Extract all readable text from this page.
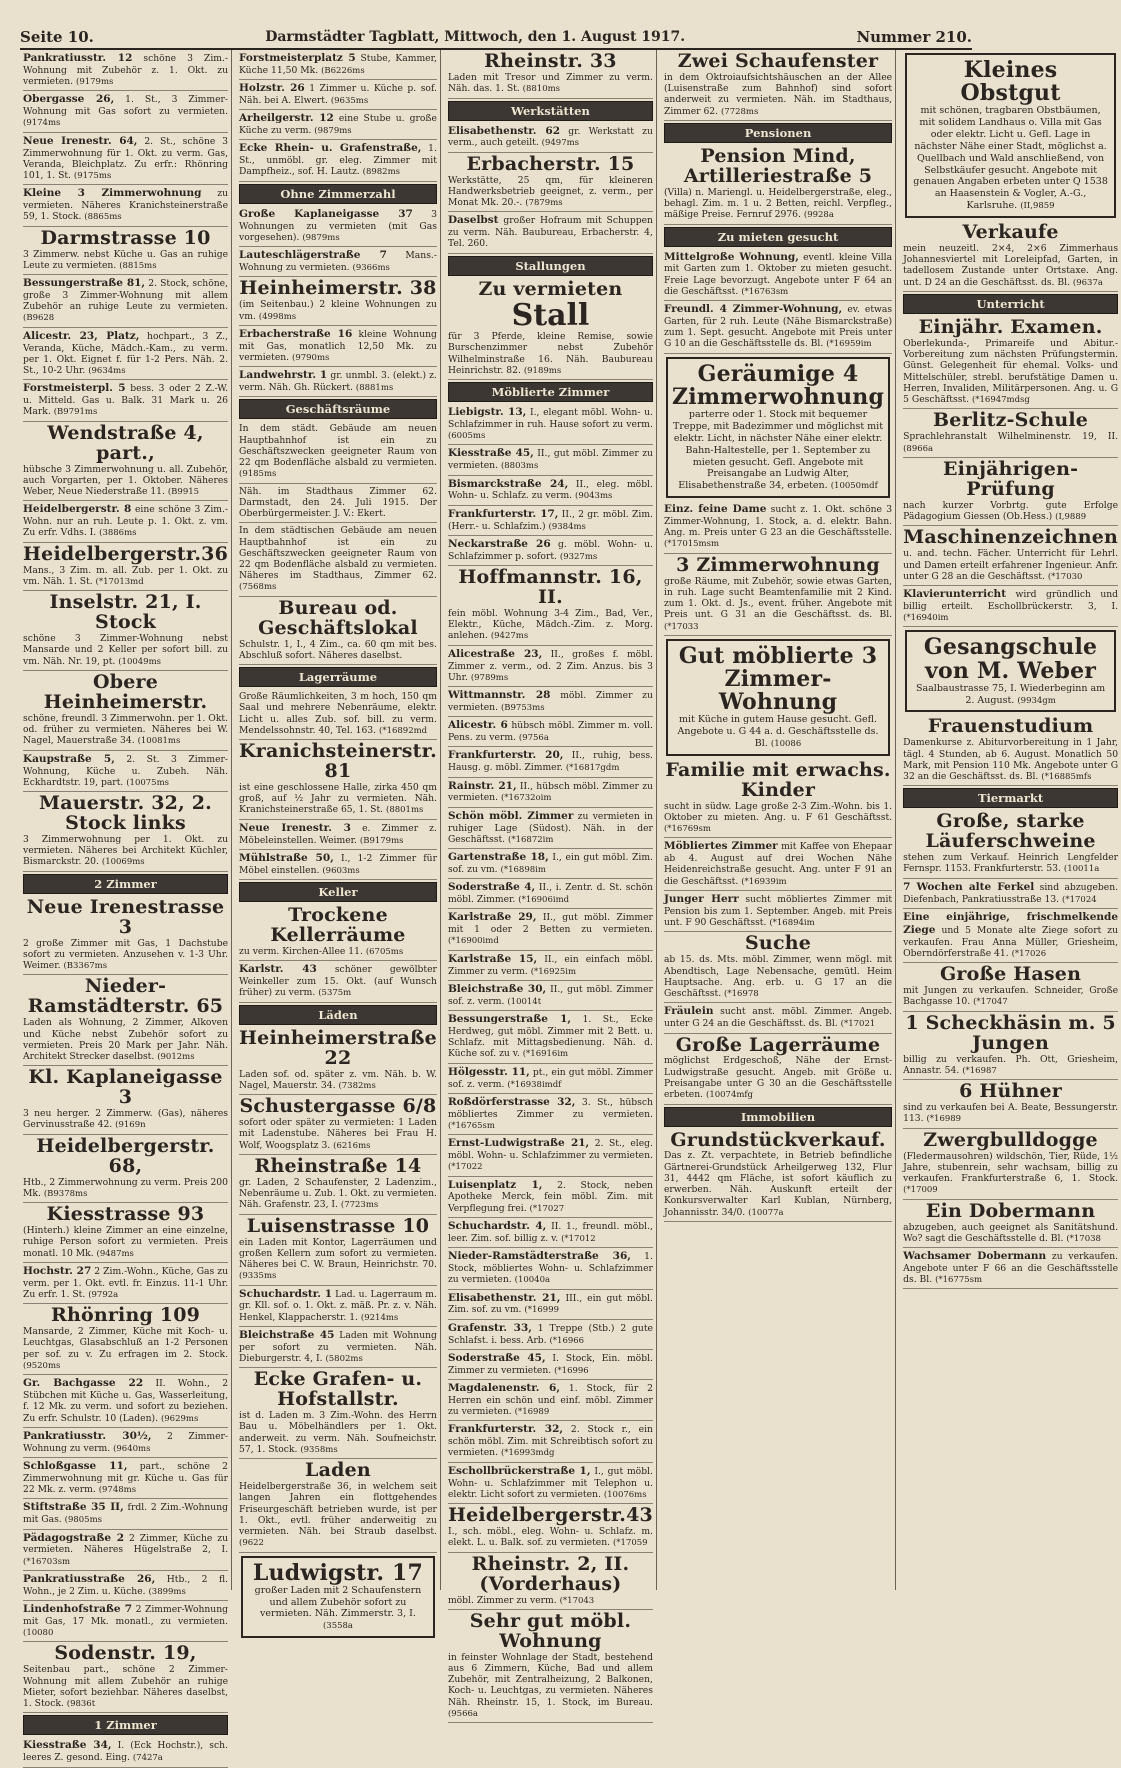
Seite 10.	Darmstädter Tagblatt, Mittwoch, den 1. August 1917.	Nummer 210.
Pankratiusstr. 12 schöne 3 Zim.-Wohnung mit Zubehör z. 1. Okt. zu vermieten. (9179ms
Obergasse 26, 1. St., 3 Zimmer-Wohnung mit Gas sofort zu vermieten. (9174ms
Neue Irenestr. 64, 2. St., schöne 3 Zimmerwohnung für 1. Okt. zu verm. Gas, Veranda, Bleichplatz. Zu erfr.: Rhönring 101, 1. St. (9175ms
Kleine 3 Zimmerwohnung zu vermieten. Näheres Kranichsteinerstraße 59, 1. Stock. (8865ms
Darmstrasse 10
3 Zimmerw. nebst Küche u. Gas an ruhige Leute zu vermieten. (8815ms
Bessungerstraße 81, 2. Stock, schöne, große 3 Zimmer-Wohnung mit allem Zubehör an ruhige Leute zu vermieten. (B9628
Alicestr. 23, Platz, hochpart., 3 Z., Veranda, Küche, Mädch.-Kam., zu verm. per 1. Okt. Eignet f. für 1-2 Pers. Näh. 2. St., 10-2 Uhr. (9634ms
Forstmeisterpl. 5 bess. 3 oder 2 Z.-W. u. Mitteld. Gas u. Balk. 31 Mark u. 26 Mark. (B9791ms
Wendstraße 4, part.,
hübsche 3 Zimmerwohnung u. all. Zubehör, auch Vorgarten, per 1. Oktober. Näheres Weber, Neue Niederstraße 11. (B9915
Heidelbergerstr. 8 eine schöne 3 Zim.-Wohn. nur an ruh. Leute p. 1. Okt. z. vm. Zu erfr. Vdhs. I. (3886ms
Heidelbergerstr.36
Mans., 3 Zim. m. all. Zub. per 1. Okt. zu vm. Näh. 1. St. (*17013md
Inselstr. 21, I. Stock
schöne 3 Zimmer-Wohnung nebst Mansarde und 2 Keller per sofort bill. zu vm. Näh. Nr. 19, pt. (10049ms
Obere Heinheimerstr.
schöne, freundl. 3 Zimmerwohn. per 1. Okt. od. früher zu vermieten. Näheres bei W. Nagel, Mauerstraße 34. (10081ms
Kaupstraße 5, 2. St. 3 Zimmer-Wohnung, Küche u. Zubeh. Näh. Eckhardtstr. 19, part. (10075ms
Mauerstr. 32, 2. Stock links
3 Zimmerwohnung per 1. Okt. zu vermieten. Näheres bei Architekt Küchler, Bismarckstr. 20. (10069ms
2 Zimmer
Neue Irenestrasse 3
2 große Zimmer mit Gas, 1 Dachstube sofort zu vermieten. Anzusehen v. 1-3 Uhr. Weimer. (B3367ms
Nieder-Ramstädterstr. 65
Laden als Wohnung, 2 Zimmer, Alkoven und Küche nebst Zubehör sofort zu vermieten. Preis 20 Mark per Jahr. Näh. Architekt Strecker daselbst. (9012ms
Kl. Kaplaneigasse 3
3 neu herger. 2 Zimmerw. (Gas), näheres Gervinusstraße 42. (9169n
Heidelbergerstr. 68,
Htb., 2 Zimmerwohnung zu verm. Preis 200 Mk. (B9378ms
Kiesstrasse 93
(Hinterh.) kleine Zimmer an eine einzelne, ruhige Person sofort zu vermieten. Preis monatl. 10 Mk. (9487ms
Hochstr. 27 2 Zim.-Wohn., Küche, Gas zu verm. per 1. Okt. evtl. fr. Einzus. 11-1 Uhr. Zu erfr. 1. St. (9792a
Rhönring 109
Mansarde, 2 Zimmer, Küche mit Koch- u. Leuchtgas, Glasabschluß an 1-2 Personen per sof. zu v. Zu erfragen im 2. Stock. (9520ms
Gr. Bachgasse 22 II. Wohn., 2 Stübchen mit Küche u. Gas, Wasserleitung, f. 12 Mk. zu verm. und sofort zu beziehen. Zu erfr. Schulstr. 10 (Laden). (9629ms
Pankratiusstr. 30½, 2 Zimmer-Wohnung zu verm. (9640ms
Schloßgasse 11, part., schöne 2 Zimmerwohnung mit gr. Küche u. Gas für 22 Mk. z. verm. (9748ms
Stiftstraße 35 II, frdl. 2 Zim.-Wohnung mit Gas. (9805ms
Pädagogstraße 2 2 Zimmer, Küche zu vermieten. Näheres Hügelstraße 2, I. (*16703sm
Pankratiusstraße 26, Htb., 2 fl. Wohn., je 2 Zim. u. Küche. (3899ms
Lindenhofstraße 7 2 Zimmer-Wohnung mit Gas, 17 Mk. monatl., zu vermieten. (10080
Sodenstr. 19,
Seitenbau part., schöne 2 Zimmer-Wohnung mit allem Zubehör an ruhige Mieter, sofort beziehbar. Näheres daselbst, 1. Stock. (9836t
1 Zimmer
Kiesstraße 34, I. (Eck Hochstr.), sch. leeres Z. gesond. Eing. (7427a
Forstmeisterplatz 5 Stube, Kammer, Küche 11,50 Mk. (B6226ms
Holzstr. 26 1 Zimmer u. Küche p. sof. Näh. bei A. Elwert. (9635ms
Arheilgerstr. 12 eine Stube u. große Küche zu verm. (9879ms
Ecke Rhein- u. Grafenstraße, 1. St., unmöbl. gr. eleg. Zimmer mit Dampfheiz., sof. H. Lautz. (8982ms
Ohne Zimmerzahl
Große Kaplaneigasse 37 3 Wohnungen zu vermieten (mit Gas vorgesehen). (9879ms
Lauteschlägerstraße 7 Mans.-Wohnung zu vermieten. (9366ms
Heinheimerstr. 38
(im Seitenbau.) 2 kleine Wohnungen zu vm. (4998ms
Erbacherstraße 16 kleine Wohnung mit Gas, monatlich 12,50 Mk. zu vermieten. (9790ms
Landwehrstr. 1 gr. unmbl. 3. (elekt.) z. verm. Näh. Gh. Rückert. (8881ms
Geschäftsräume
In dem städt. Gebäude am neuen Hauptbahnhof ist ein zu Geschäftszwecken geeigneter Raum von 22 qm Bodenfläche alsbald zu vermieten. (9185ms
Näh. im Stadthaus Zimmer 62. Darmstadt, den 24. Juli 1915. Der Oberbürgermeister. J. V.: Ekert.
In dem städtischen Gebäude am neuen Hauptbahnhof ist ein zu Geschäftszwecken geeigneter Raum von 22 qm Bodenfläche alsbald zu vermieten. Näheres im Stadthaus, Zimmer 62. (7568ms
Bureau od. Geschäftslokal
Schulstr. 1, I., 4 Zim., ca. 60 qm mit bes. Abschluß sofort. Näheres daselbst.
Lagerräume
Große Räumlichkeiten, 3 m hoch, 150 qm Saal und mehrere Nebenräume, elektr. Licht u. alles Zub. sof. bill. zu verm. Mendelssohnstr. 40, Tel. 163. (*16892md
Kranichsteinerstr. 81
ist eine geschlossene Halle, zirka 450 qm groß, auf ½ Jahr zu vermieten. Näh. Kranichsteinerstraße 65, 1. St. (8801ms
Neue Irenestr. 3 e. Zimmer z. Möbeleinstellen. Weimer. (B9179ms
Mühlstraße 50, I., 1-2 Zimmer für Möbel einstellen. (9603ms
Keller
Trockene Kellerräume
zu verm. Kirchen-Allee 11. (6705ms
Karlstr. 43 schöner gewölbter Weinkeller zum 15. Okt. (auf Wunsch früher) zu verm. (5375m
Läden
Heinheimerstraße 22
Laden sof. od. später z. vm. Näh. b. W. Nagel, Mauerstr. 34. (7382ms
Schustergasse 6/8
sofort oder später zu vermieten: 1 Laden mit Ladenstube. Näheres bei Frau H. Wolf, Woogsplatz 3. (6216ms
Rheinstraße 14
gr. Laden, 2 Schaufenster, 2 Ladenzim., Nebenräume u. Zub. 1. Okt. zu vermieten. Näh. Grafenstr. 23, I. (7723ms
Luisenstrasse 10
ein Laden mit Kontor, Lagerräumen und großen Kellern zum sofort zu vermieten. Näheres bei C. W. Braun, Heinrichstr. 70. (9335ms
Schuchardstr. 1 Lad. u. Lagerraum m. gr. Kll. sof. o. 1. Okt. z. mäß. Pr. z. v. Näh. Henkel, Klappacherstr. 1. (9214ms
Bleichstraße 45 Laden mit Wohnung per sofort zu vermieten. Näh. Dieburgerstr. 4, I. (5802ms
Ecke Grafen- u. Hofstallstr.
ist d. Laden m. 3 Zim.-Wohn. des Herrn Bau u. Möbelhändlers per 1. Okt. anderweit. zu verm. Näh. Soufneichstr. 57, 1. Stock. (9358ms
Laden
Heidelbergerstraße 36, in welchem seit langen Jahren ein flottgehendes Friseurgeschäft betrieben wurde, ist per 1. Okt., evtl. früher anderweitig zu vermieten. Näh. bei Straub daselbst. (9622
Ludwigstr. 17
großer Laden mit 2 Schaufenstern und allem Zubehör sofort zu vermieten. Näh. Zimmerstr. 3, I. (3558a
Rheinstr. 33
Laden mit Tresor und Zimmer zu verm. Näh. das. 1. St. (8810ms
Werkstätten
Elisabethenstr. 62 gr. Werkstatt zu verm., auch geteilt. (9497ms
Erbacherstr. 15
Werkstätte, 25 qm, für kleineren Handwerksbetrieb geeignet, z. verm., per Monat Mk. 20.-. (7879ms
Daselbst großer Hofraum mit Schuppen zu verm. Näh. Baubureau, Erbacherstr. 4, Tel. 260.
Stallungen
Zu vermieten
Stall
für 3 Pferde, kleine Remise, sowie Burschenzimmer nebst Zubehör Wilhelminstraße 16. Näh. Baubureau Heinrichstr. 82. (9189ms
Möblierte Zimmer
Liebigstr. 13, I., elegant möbl. Wohn- u. Schlafzimmer in ruh. Hause sofort zu verm. (6005ms
Kiesstraße 45, II., gut möbl. Zimmer zu vermieten. (8803ms
Bismarckstraße 24, II., eleg. möbl. Wohn- u. Schlafz. zu verm. (9043ms
Frankfurterstr. 17, II., 2 gr. möbl. Zim. (Herr.- u. Schlafzim.) (9384ms
Neckarstraße 26 g. möbl. Wohn- u. Schlafzimmer p. sofort. (9327ms
Hoffmannstr. 16, II.
fein möbl. Wohnung 3-4 Zim., Bad, Ver., Elektr., Küche, Mädch.-Zim. z. Morg. anlehen. (9427ms
Alicestraße 23, II., großes f. möbl. Zimmer z. verm., od. 2 Zim. Anzus. bis 3 Uhr. (9789ms
Wittmannstr. 28 möbl. Zimmer zu vermieten. (B9753ms
Alicestr. 6 hübsch möbl. Zimmer m. voll. Pens. zu verm. (9756a
Frankfurterstr. 20, II., ruhig, bess. Hausg. g. möbl. Zimmer. (*16817gdm
Rainstr. 21, II., hübsch möbl. Zimmer zu vermieten. (*16732oim
Schön möbl. Zimmer zu vermieten in ruhiger Lage (Südost). Näh. in der Geschäftsst. (*16872im
Gartenstraße 18, I., ein gut möbl. Zim. sof. zu vm. (*16898im
Soderstraße 4, II., i. Zentr. d. St. schön möbl. Zimmer. (*16906imd
Karlstraße 29, II., gut möbl. Zimmer mit 1 oder 2 Betten zu vermieten. (*16900imd
Karlstraße 15, II., ein einfach möbl. Zimmer zu verm. (*16925im
Bleichstraße 30, II., gut möbl. Zimmer sof. z. verm. (10014t
Bessungerstraße 1, 1. St., Ecke Herdweg, gut möbl. Zimmer mit 2 Bett. u. Schlafz. mit Mittagsbedienung. Näh. d. Küche sof. zu v. (*16916im
Hölgesstr. 11, pt., ein gut möbl. Zimmer sof. z. verm. (*16938imdf
Roßdörferstrasse 32, 3. St., hübsch möbliertes Zimmer zu vermieten. (*16765sm
Ernst-Ludwigstraße 21, 2. St., eleg. möbl. Wohn- u. Schlafzimmer zu vermieten. (*17022
Luisenplatz 1, 2. Stock, neben Apotheke Merck, fein möbl. Zim. mit Verpflegung frei. (*17027
Schuchardstr. 4, II. 1., freundl. möbl., leer. Zim. sof. billig z. v. (*17012
Nieder-Ramstädterstraße 36, 1. Stock, möbliertes Wohn- u. Schlafzimmer zu vermieten. (10040a
Elisabethenstr. 21, III., ein gut möbl. Zim. sof. zu vm. (*16999
Grafenstr. 33, 1 Treppe (Stb.) 2 gute Schlafst. i. bess. Arb. (*16966
Soderstraße 45, I. Stock, Ein. möbl. Zimmer zu vermieten. (*16996
Magdalenenstr. 6, 1. Stock, für 2 Herren ein schön und einf. möbl. Zimmer zu vermieten. (*16989
Frankfurterstr. 32, 2. Stock r., ein schön möbl. Zim. mit Schreibtisch sofort zu vermieten. (*16993mdg
Eschollbrückerstraße 1, I., gut möbl. Wohn- u. Schlafzimmer mit Telephon u. elektr. Licht sofort zu vermieten. (10076ms
Heidelbergerstr.43
I., sch. möbl., eleg. Wohn- u. Schlafz. m. elekt. L. u. Balk. sof. zu vermieten. (*17059
Rheinstr. 2, II. (Vorderhaus)
möbl. Zimmer zu verm. (*17043
Sehr gut möbl. Wohnung
in feinster Wohnlage der Stadt, bestehend aus 6 Zimmern, Küche, Bad und allem Zubehör, mit Zentralheizung, 2 Balkonen, Koch- u. Leuchtgas, zu vermieten. Näheres Näh. Rheinstr. 15, 1. Stock, im Bureau. (9566a
Zwei Schaufenster
in dem Oktroiaufsichtshäuschen an der Allee (Luisenstraße zum Bahnhof) sind sofort anderweit zu vermieten. Näh. im Stadthaus, Zimmer 62. (7728ms
Pensionen
Pension Mind, Artilleriestraße 5
(Villa) n. Mariengl. u. Heidelbergerstraße, eleg., behagl. Zim. m. 1 u. 2 Betten, reichl. Verpfleg., mäßige Preise. Fernruf 2976. (9928a
Zu mieten gesucht
Mittelgroße Wohnung, eventl. kleine Villa mit Garten zum 1. Oktober zu mieten gesucht. Freie Lage bevorzugt. Angebote unter F 64 an die Geschäftsst. (*16763sm
Freundl. 4 Zimmer-Wohnung, ev. etwas Garten, für 2 ruh. Leute (Nähe Bismarckstraße) zum 1. Sept. gesucht. Angebote mit Preis unter G 10 an die Geschäftsstelle ds. Bl. (*16959im
Geräumige 4 Zimmerwohnung
parterre oder 1. Stock mit bequemer Treppe, mit Badezimmer und möglichst mit elektr. Licht, in nächster Nähe einer elektr. Bahn-Haltestelle, per 1. September zu mieten gesucht. Gefl. Angebote mit Preisangabe an Ludwig Alter, Elisabethenstraße 34, erbeten. (10050mdf
Einz. feine Dame sucht z. 1. Okt. schöne 3 Zimmer-Wohnung, 1. Stock, a. d. elektr. Bahn. Ang. m. Preis unter G 23 an die Geschäftsstelle. (*17015msm
3 Zimmerwohnung
große Räume, mit Zubehör, sowie etwas Garten, in ruh. Lage sucht Beamtenfamilie mit 2 Kind. zum 1. Okt. d. Js., event. früher. Angebote mit Preis unt. G 31 an die Geschäftsst. ds. Bl. (*17033
Gut möblierte 3 Zimmer-Wohnung
mit Küche in gutem Hause gesucht. Gefl. Angebote u. G 44 a. d. Geschäftsstelle ds. Bl. (10086
Familie mit erwachs. Kinder
sucht in südw. Lage große 2-3 Zim.-Wohn. bis 1. Oktober zu mieten. Ang. u. F 61 Geschäftsst. (*16769sm
Möbliertes Zimmer mit Kaffee von Ehepaar ab 4. August auf drei Wochen Nähe Heidenreichstraße gesucht. Ang. unter F 91 an die Geschäftsst. (*16939im
Junger Herr sucht möbliertes Zimmer mit Pension bis zum 1. September. Angeb. mit Preis unt. F 90 Geschäftsst. (*16894im
Suche
ab 15. ds. Mts. möbl. Zimmer, wenn mögl. mit Abendtisch, Lage Nebensache, gemütl. Heim Hauptsache. Ang. erb. u. G 17 an die Geschäftsst. (*16978
Fräulein sucht anst. möbl. Zimmer. Angeb. unter G 24 an die Geschäftsst. ds. Bl. (*17021
Große Lagerräume
möglichst Erdgeschoß, Nähe der Ernst-Ludwigstraße gesucht. Angeb. mit Größe u. Preisangabe unter G 30 an die Geschäftsstelle erbeten. (10074mfg
Immobilien
Grundstückverkauf.
Das z. Zt. verpachtete, in Betrieb befindliche Gärtnerei-Grundstück Arheilgerweg 132, Flur 31, 4442 qm Fläche, ist sofort käuflich zu erwerben. Näh. Auskunft erteilt der Konkursverwalter Karl Kublan, Nürnberg, Johannisstr. 34/0. (10077a
Kleines Obstgut
mit schönen, tragbaren Obstbäumen, mit solidem Landhaus o. Villa mit Gas oder elektr. Licht u. Gefl. Lage in nächster Nähe einer Stadt, möglichst a. Quellbach und Wald anschließend, von Selbstkäufer gesucht. Angebote mit genauen Angaben erbeten unter Q 1538 an Haasenstein & Vogler, A.-G., Karlsruhe. (II,9859
Verkaufe
mein neuzeitl. 2×4, 2×6 Zimmerhaus Johannesviertel mit Loreleipfad, Garten, in tadellosem Zustande unter Ortstaxe. Ang. unt. D 24 an die Geschäftsst. ds. Bl. (9637a
Unterricht
Einjähr. Examen.
Oberlekunda-, Primareife und Abitur.-Vorbereitung zum nächsten Prüfungstermin. Günst. Gelegenheit für ehemal. Volks- und Mittelschüler, strebl. berufstätige Damen u. Herren, Invaliden, Militärpersonen. Ang. u. G 5 Geschäftsst. (*16947mdsg
Berlitz-Schule
Sprachlehranstalt Wilhelminenstr. 19, II. (8966a
Einjährigen-Prüfung
nach kurzer Vorbrtg. gute Erfolge Pädagogium Giessen (Ob.Hess.) (I,9889
Maschinenzeichnen
u. and. techn. Fächer. Unterricht für Lehrl. und Damen erteilt erfahrener Ingenieur. Anfr. unter G 28 an die Geschäftsst. (*17030
Klavierunterricht wird gründlich und billig erteilt. Eschollbrückerstr. 3, I. (*16940im
Gesangschule von M. Weber
Saalbaustrasse 75, I. Wiederbeginn am 2. August. (9934gm
Frauenstudium
Damenkurse z. Abiturvorbereitung in 1 Jahr, tägl. 4 Stunden, ab 6. August. Monatlich 50 Mark, mit Pension 110 Mk. Angebote unter G 32 an die Geschäftsst. ds. Bl. (*16885mfs
Tiermarkt
Große, starke Läuferschweine
stehen zum Verkauf. Heinrich Lengfelder Fernspr. 1153. Frankfurterstr. 53. (10011a
7 Wochen alte Ferkel sind abzugeben. Diefenbach, Pankratiusstraße 13. (*17024
Eine einjährige, frischmelkende Ziege und 5 Monate alte Ziege sofort zu verkaufen. Frau Anna Müller, Griesheim, Oberndörferstraße 41. (*17026
Große Hasen
mit Jungen zu verkaufen. Schneider, Große Bachgasse 10. (*17047
1 Scheckhäsin m. 5 Jungen
billig zu verkaufen. Ph. Ott, Griesheim, Annastr. 54. (*16987
6 Hühner
sind zu verkaufen bei A. Beate, Bessungerstr. 113. (*16989
Zwergbulldogge
(Fledermausohren) wildschön, Tier, Rüde, 1½ Jahre, stubenrein, sehr wachsam, billig zu verkaufen. Frankfurterstraße 6, 1. Stock. (*17009
Ein Dobermann
abzugeben, auch geeignet als Sanitätshund. Wo? sagt die Geschäftsstelle d. Bl. (*17038
Wachsamer Dobermann zu verkaufen. Angebote unter F 66 an die Geschäftsstelle ds. Bl. (*16775sm
